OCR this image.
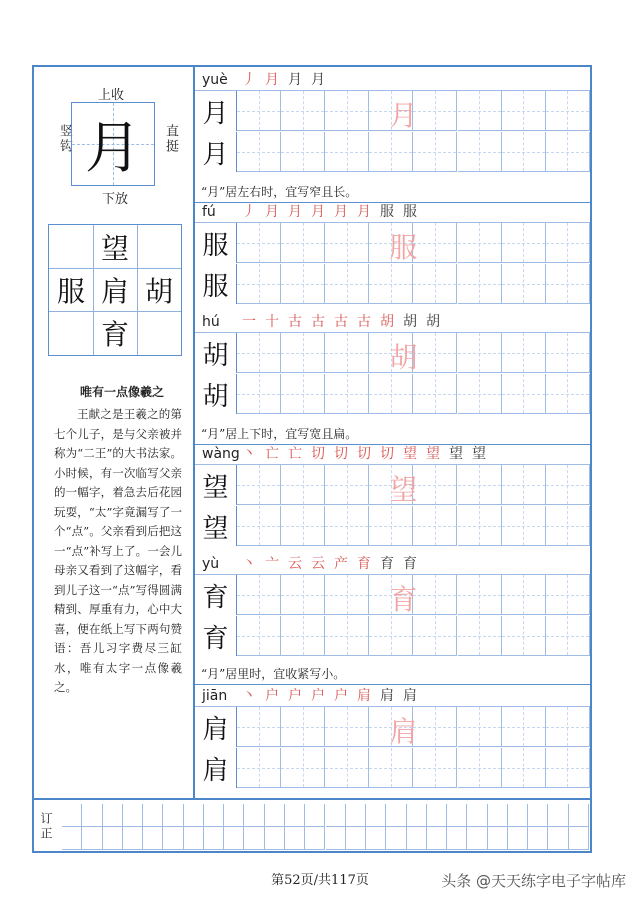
上收
竖钩	直挺
下放
月
望
服 肩 胡
育
唯有一点像羲之

王献之是王羲之的第七个儿子，是与父亲被并称为“二王”的大书法家。小时候，有一次临写父亲的一幅字，着急去后花园玩耍，“太”字竟漏写了一个“点”。父亲看到后把这一“点”补写上了。一会儿母亲又看到了这幅字，看到儿子这一“点”写得圆满精到、厚重有力，心中大喜，便在纸上写下两句赞语：吾儿习字费尽三缸水，唯有太字一点像羲之。

yuè 丿 月 月 月
月
月
月
“月”居左右时，宜写窄且长。
fú 丿 月 月 月 月 月 服 服
服
服
服
hú 一 十 古 古 古 古 胡 胡 胡
胡
胡
胡
“月”居上下时，宜写宽且扁。
wàng 丶 亡 亡 切 切 切 切 望 望 望 望
望
望
望
yù 丶 亠 云 云 产 育 育 育
育
育
育
“月”居里时，宜收紧写小。
jiān 丶 户 户 户 户 肩 肩 肩
肩
肩
肩
订正
第52页/共117页	头条 @天天练字电子字帖库
